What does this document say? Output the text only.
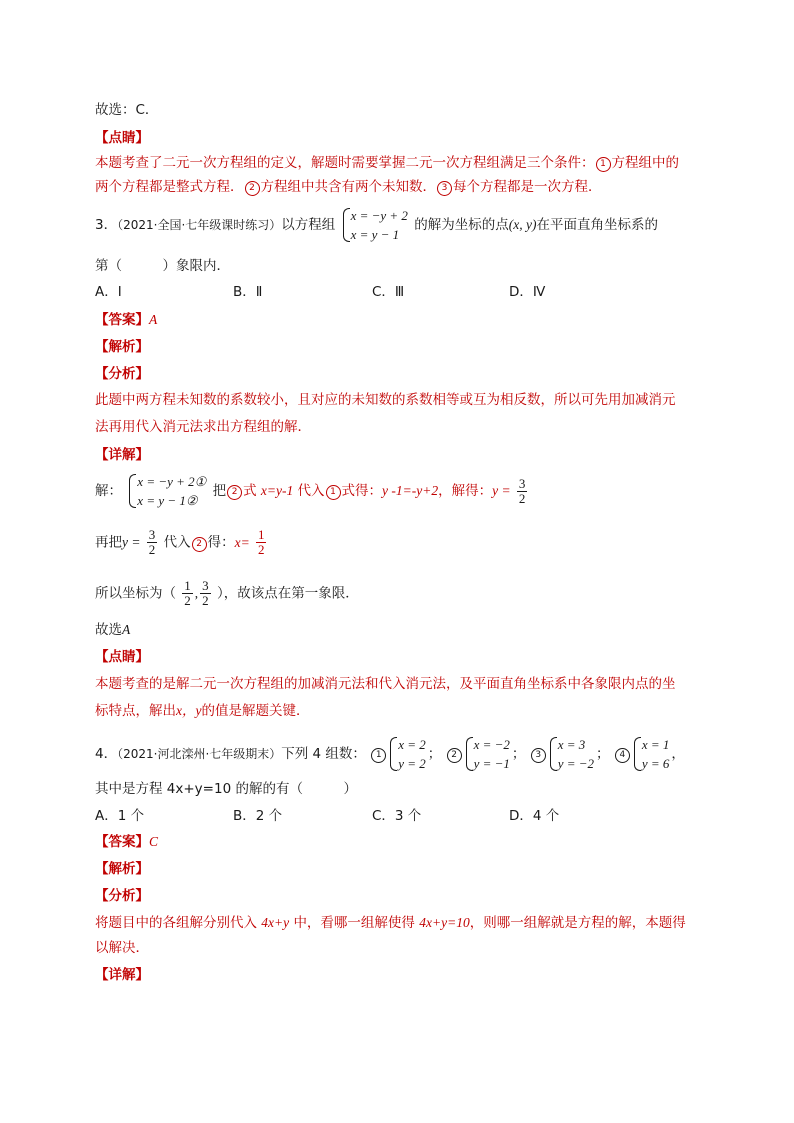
故选：C．
【点睛】
本题考查了二元一次方程组的定义，解题时需要掌握二元一次方程组满足三个条件： 1 方程组中的
两个方程都是整式方程． 2 方程组中共含有两个未知数． 3 每个方程都是一次方程．
3．（2021·全国·七年级课时练习）以方程组
x = −y + 2
x = y − 1
的解为坐标的点(x, y)在平面直角坐标系的
第（　　　）象限内．
A．I	B．Ⅱ	C．Ⅲ	D．Ⅳ
【答案】A
【解析】
【分析】
此题中两方程未知数的系数较小，且对应的未知数的系数相等或互为相反数，所以可先用加减消元
法再用代入消元法求出方程组的解．
【详解】
解：
x = −y + 2①
x = y − 1②
把 2 式 x=y-1 代入 1 式得：y -1=-y+2，解得：$y = \frac{3}{2}$
再把$y = \frac{3}{2}$ 代入 2 得：$x= \frac{1}{2}$
所以坐标为（ $\frac{1}{2}$ , $\frac{3}{2}$ ），故该点在第一象限．
故选A
【点睛】
本题考查的是解二元一次方程组的加减消元法和代入消元法，及平面直角坐标系中各象限内点的坐
标特点，解出x，y的值是解题关键．
4．（2021·河北滦州·七年级期末）下列 4 组数： 1
x = 2
y = 2
； 2
x = −2
y = −1
； 3
x = 3
y = −2
； 4
x = 1
y = 6
，
其中是方程 4x+y=10 的解的有（　　　）
A．1 个	B．2 个	C．3 个	D．4 个
【答案】C
【解析】
【分析】
将题目中的各组解分别代入 4x+y 中，看哪一组解使得 4x+y=10，则哪一组解就是方程的解，本题得
以解决．
【详解】
